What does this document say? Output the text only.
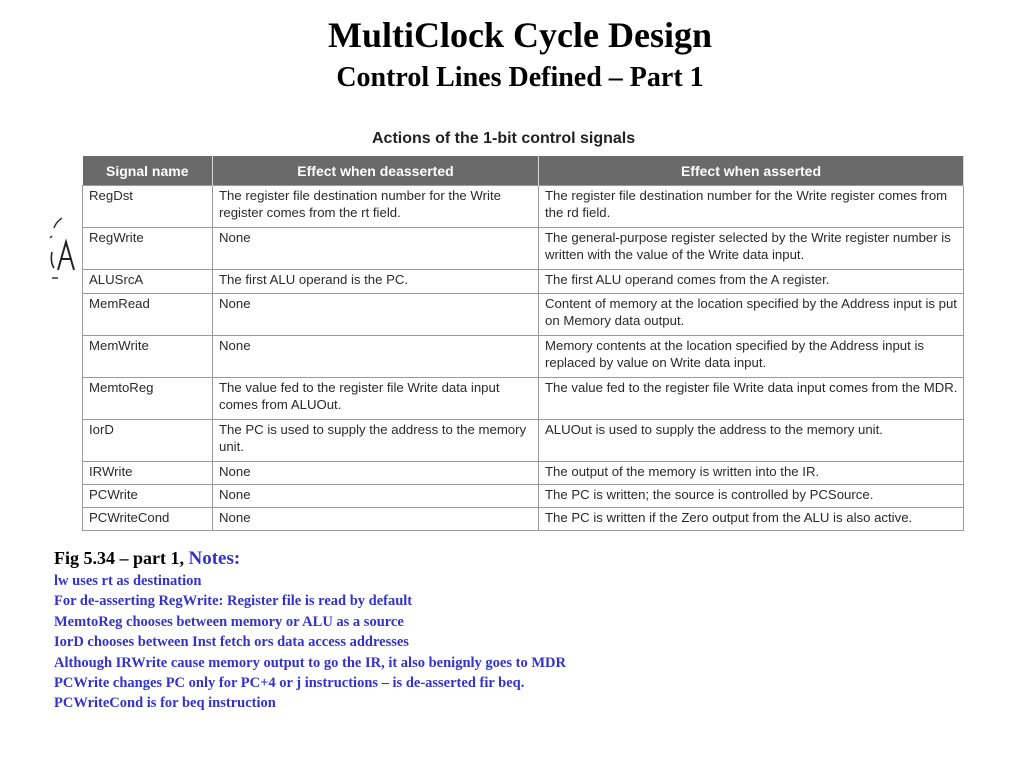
MultiClock Cycle Design
Control Lines Defined – Part 1
Actions of the 1-bit control signals
Signal name	Effect when deasserted	Effect when asserted
RegDst	The register file destination number for the Write register comes from the rt field.	The register file destination number for the Write register comes from the rd field.
RegWrite	None	The general-purpose register selected by the Write register number is written with the value of the Write data input.
ALUSrcA	The first ALU operand is the PC.	The first ALU operand comes from the A register.
MemRead	None	Content of memory at the location specified by the Address input is put on Memory data output.
MemWrite	None	Memory contents at the location specified by the Address input is replaced by value on Write data input.
MemtoReg	The value fed to the register file Write data input comes from ALUOut.	The value fed to the register file Write data input comes from the MDR.
IorD	The PC is used to supply the address to the memory unit.	ALUOut is used to supply the address to the memory unit.
IRWrite	None	The output of the memory is written into the IR.
PCWrite	None	The PC is written; the source is controlled by PCSource.
PCWriteCond	None	The PC is written if the Zero output from the ALU is also active.
Fig 5.34 – part 1, Notes:
lw uses rt as destination
For de-asserting RegWrite: Register file is read by default
MemtoReg chooses between memory or ALU as a source
IorD chooses between Inst fetch ors data access addresses
Although IRWrite cause memory output to go the IR, it also benignly goes to MDR
PCWrite changes PC only for PC+4 or j instructions – is de-asserted fir beq.
PCWriteCond is for beq instruction
